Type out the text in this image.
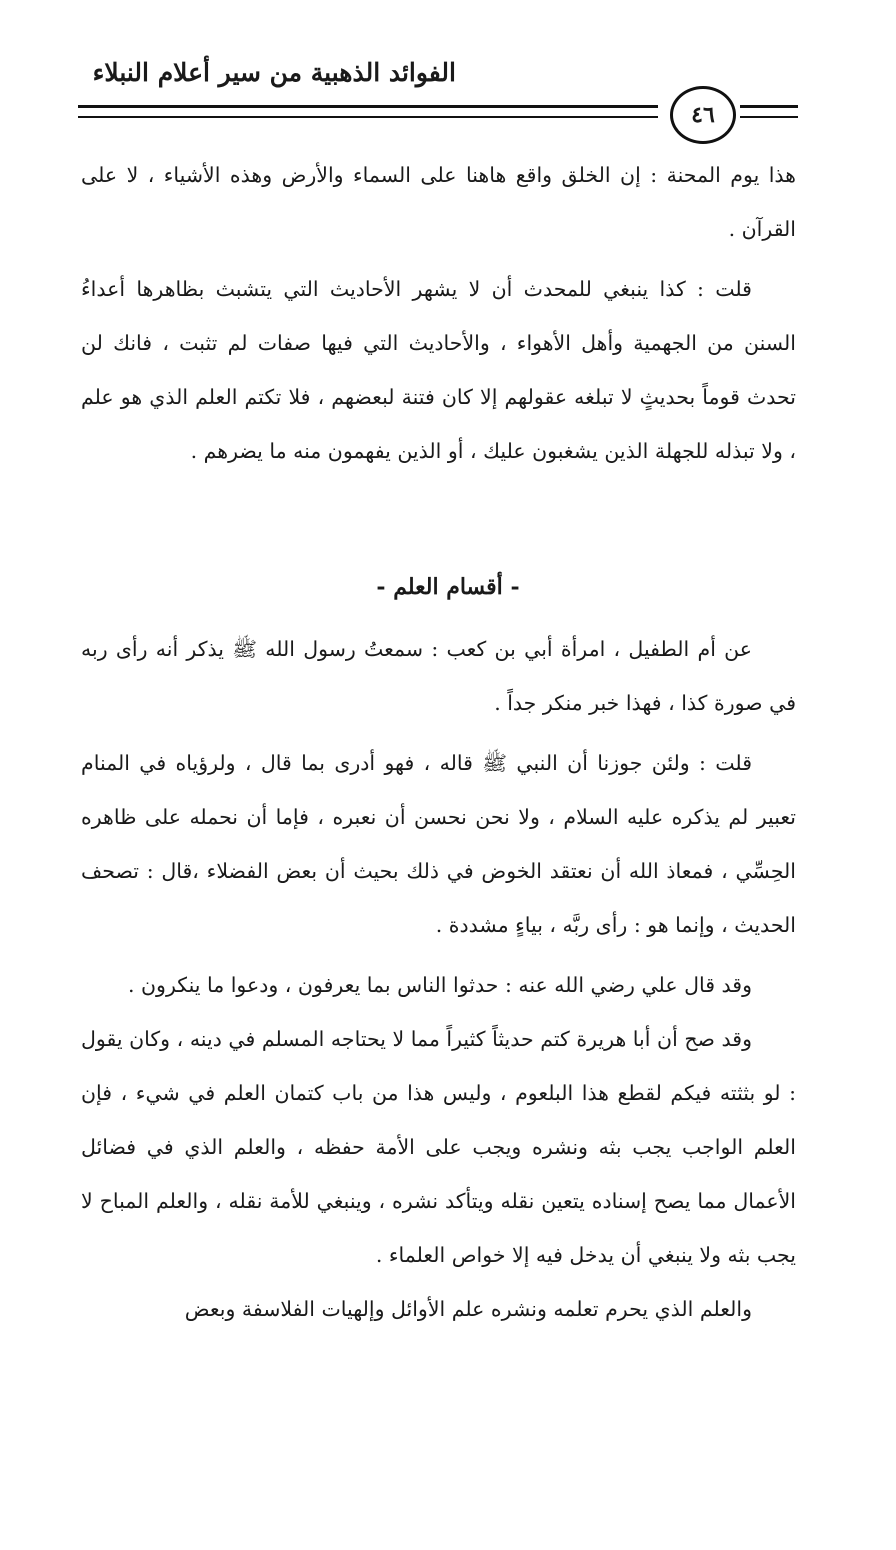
الفوائد الذهبية من سير أعلام النبلاء
٤٦

هذا يوم المحنة : إن الخلق واقع هاهنا على السماء والأرض وهذه الأشياء ، لا على القرآن .

قلت : كذا ينبغي للمحدث أن لا يشهر الأحاديث التي يتشبث بظاهرها أعداءُ السنن من الجهمية وأهل الأهواء ، والأحاديث التي فيها صفات لم تثبت ، فانك لن تحدث قوماً بحديثٍ لا تبلغه عقولهم إلا كان فتنة لبعضهم ، فلا تكتم العلم الذي هو علم ، ولا تبذله للجهلة الذين يشغبون عليك ، أو الذين يفهمون منه ما يضرهم .

- أقسام العلم -

عن أم الطفيل ، امرأة أبي بن كعب : سمعتُ رسول الله ﷺ يذكر أنه رأى ربه في صورة كذا ، فهذا خبر منكر جداً .

قلت : ولئن جوزنا أن النبي ﷺ قاله ، فهو أدرى بما قال ، ولرؤياه في المنام تعبير لم يذكره عليه السلام ، ولا نحن نحسن أن نعبره ، فإما أن نحمله على ظاهره الحِسِّي ، فمعاذ الله أن نعتقد الخوض في ذلك بحيث أن بعض الفضلاء ،قال : تصحف الحديث ، وإنما هو : رأى ربَّه ، بياءٍ مشددة .

وقد قال علي رضي الله عنه : حدثوا الناس بما يعرفون ، ودعوا ما ينكرون .

وقد صح أن أبا هريرة كتم حديثاً كثيراً مما لا يحتاجه المسلم في دينه ، وكان يقول : لو بثثته فيكم لقطع هذا البلعوم ، وليس هذا من باب كتمان العلم في شيء ، فإن العلم الواجب يجب بثه ونشره ويجب على الأمة حفظه ، والعلم الذي في فضائل الأعمال مما يصح إسناده يتعين نقله ويتأكد نشره ، وينبغي للأمة نقله ، والعلم المباح لا يجب بثه ولا ينبغي أن يدخل فيه إلا خواص العلماء .

والعلم الذي يحرم تعلمه ونشره علم الأوائل وإلهيات الفلاسفة وبعض
